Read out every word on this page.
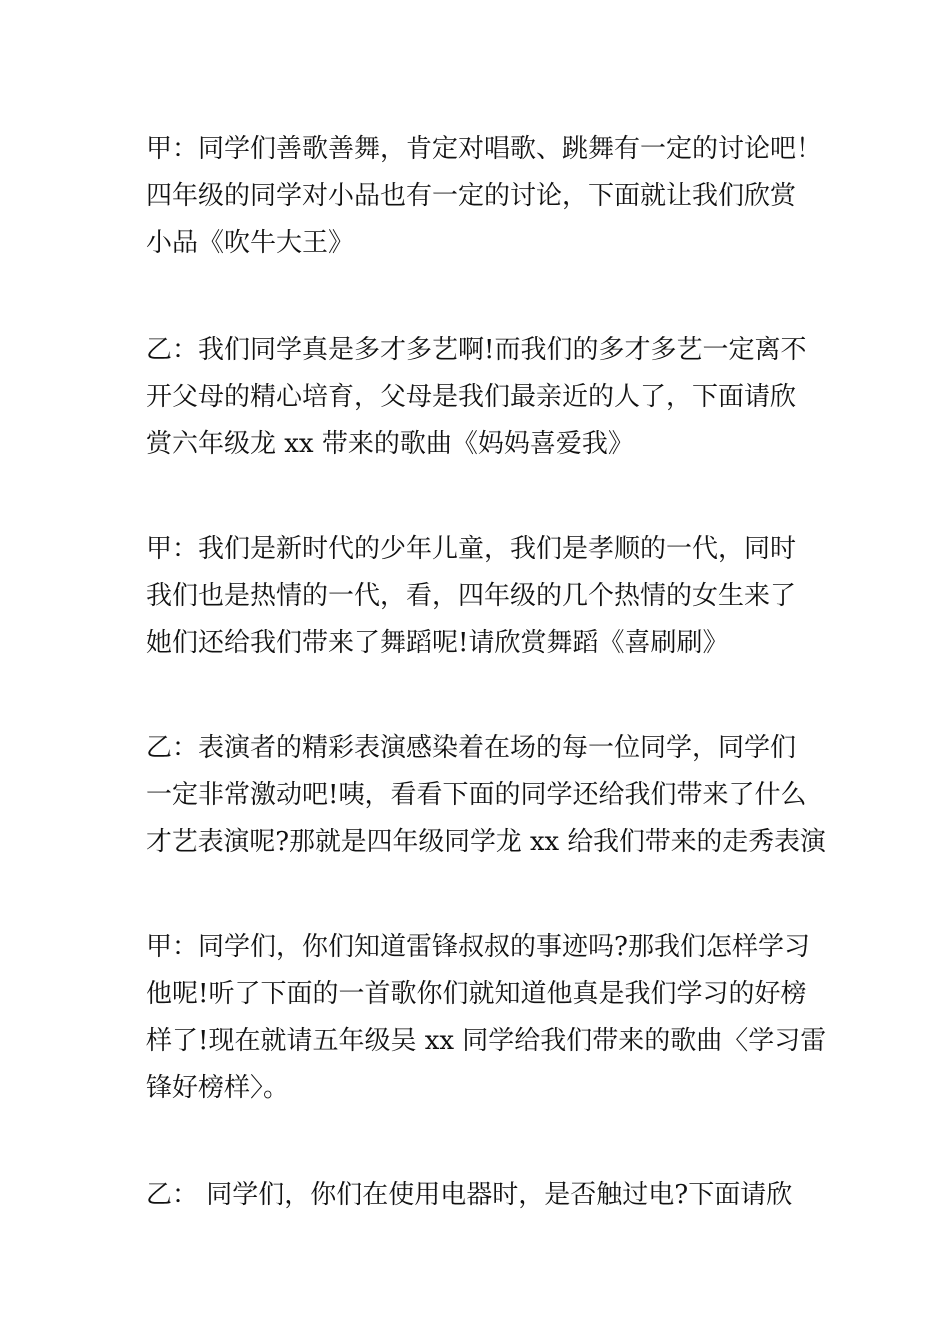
甲：同学们善歌善舞，肯定对唱歌、跳舞有一定的讨论吧！
四年级的同学对小品也有一定的讨论，下面就让我们欣赏
小品《吹牛大王》
乙：我们同学真是多才多艺啊!而我们的多才多艺一定离不
开父母的精心培育，父母是我们最亲近的人了，下面请欣
赏六年级龙 xx 带来的歌曲《妈妈喜爱我》
甲：我们是新时代的少年儿童，我们是孝顺的一代，同时
我们也是热情的一代，看，四年级的几个热情的女生来了
她们还给我们带来了舞蹈呢!请欣赏舞蹈《喜刷刷》
乙：表演者的精彩表演感染着在场的每一位同学，同学们
一定非常激动吧!咦，看看下面的同学还给我们带来了什么
才艺表演呢?那就是四年级同学龙 xx 给我们带来的走秀表演
甲：同学们，你们知道雷锋叔叔的事迹吗?那我们怎样学习
他呢!听了下面的一首歌你们就知道他真是我们学习的好榜
样了!现在就请五年级吴 xx 同学给我们带来的歌曲〈学习雷
锋好榜样〉。
乙： 同学们，你们在使用电器时，是否触过电?下面请欣
